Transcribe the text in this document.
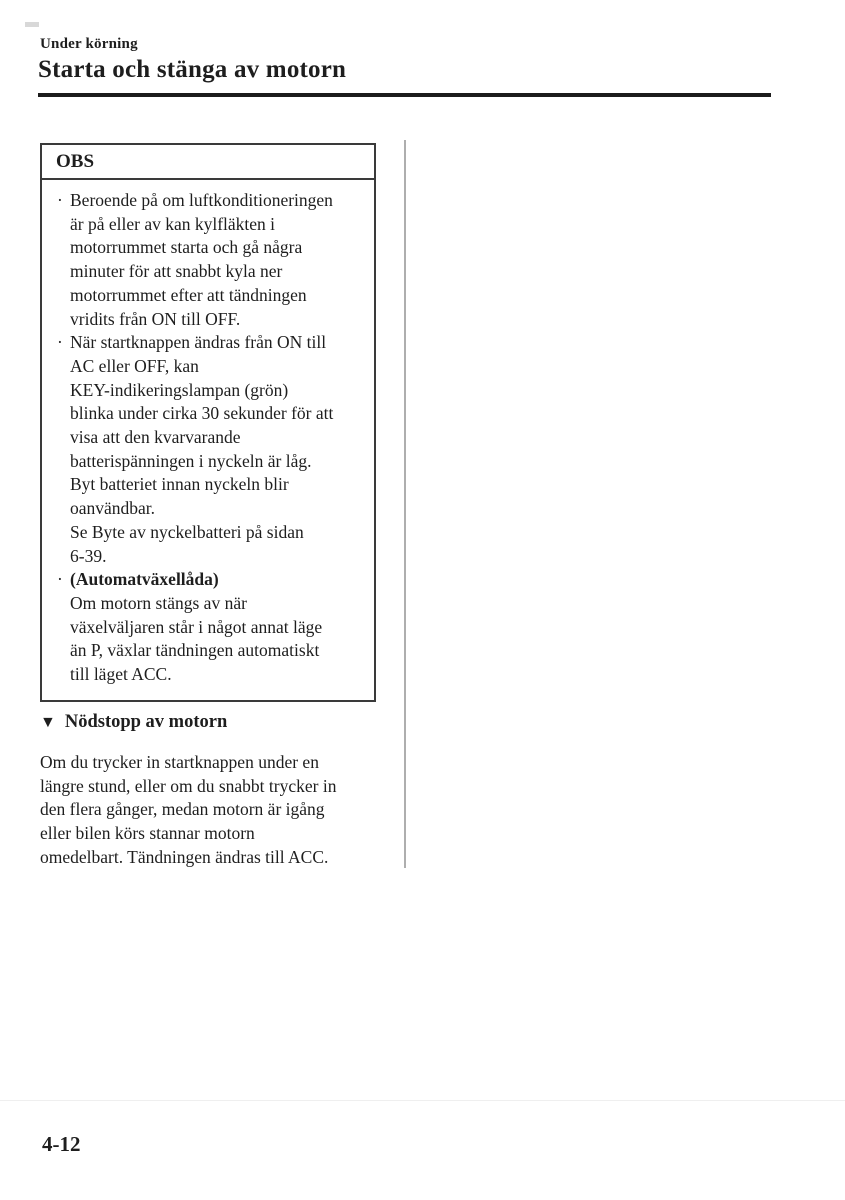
Under körning
Starta och stänga av motorn
OBS
· Beroende på om luftkonditioneringen
är på eller av kan kylfläkten i
motorrummet starta och gå några
minuter för att snabbt kyla ner
motorrummet efter att tändningen
vridits från ON till OFF.
· När startknappen ändras från ON till
AC eller OFF, kan
KEY-indikeringslampan (grön)
blinka under cirka 30 sekunder för att
visa att den kvarvarande
batterispänningen i nyckeln är låg.
Byt batteriet innan nyckeln blir
oanvändbar.
Se Byte av nyckelbatteri på sidan
6-39.
· (Automatväxellåda)
Om motorn stängs av när
växelväljaren står i något annat läge
än P, växlar tändningen automatiskt
till läget ACC.
▼ Nödstopp av motorn
Om du trycker in startknappen under en
längre stund, eller om du snabbt trycker in
den flera gånger, medan motorn är igång
eller bilen körs stannar motorn
omedelbart. Tändningen ändras till ACC.
4-12
